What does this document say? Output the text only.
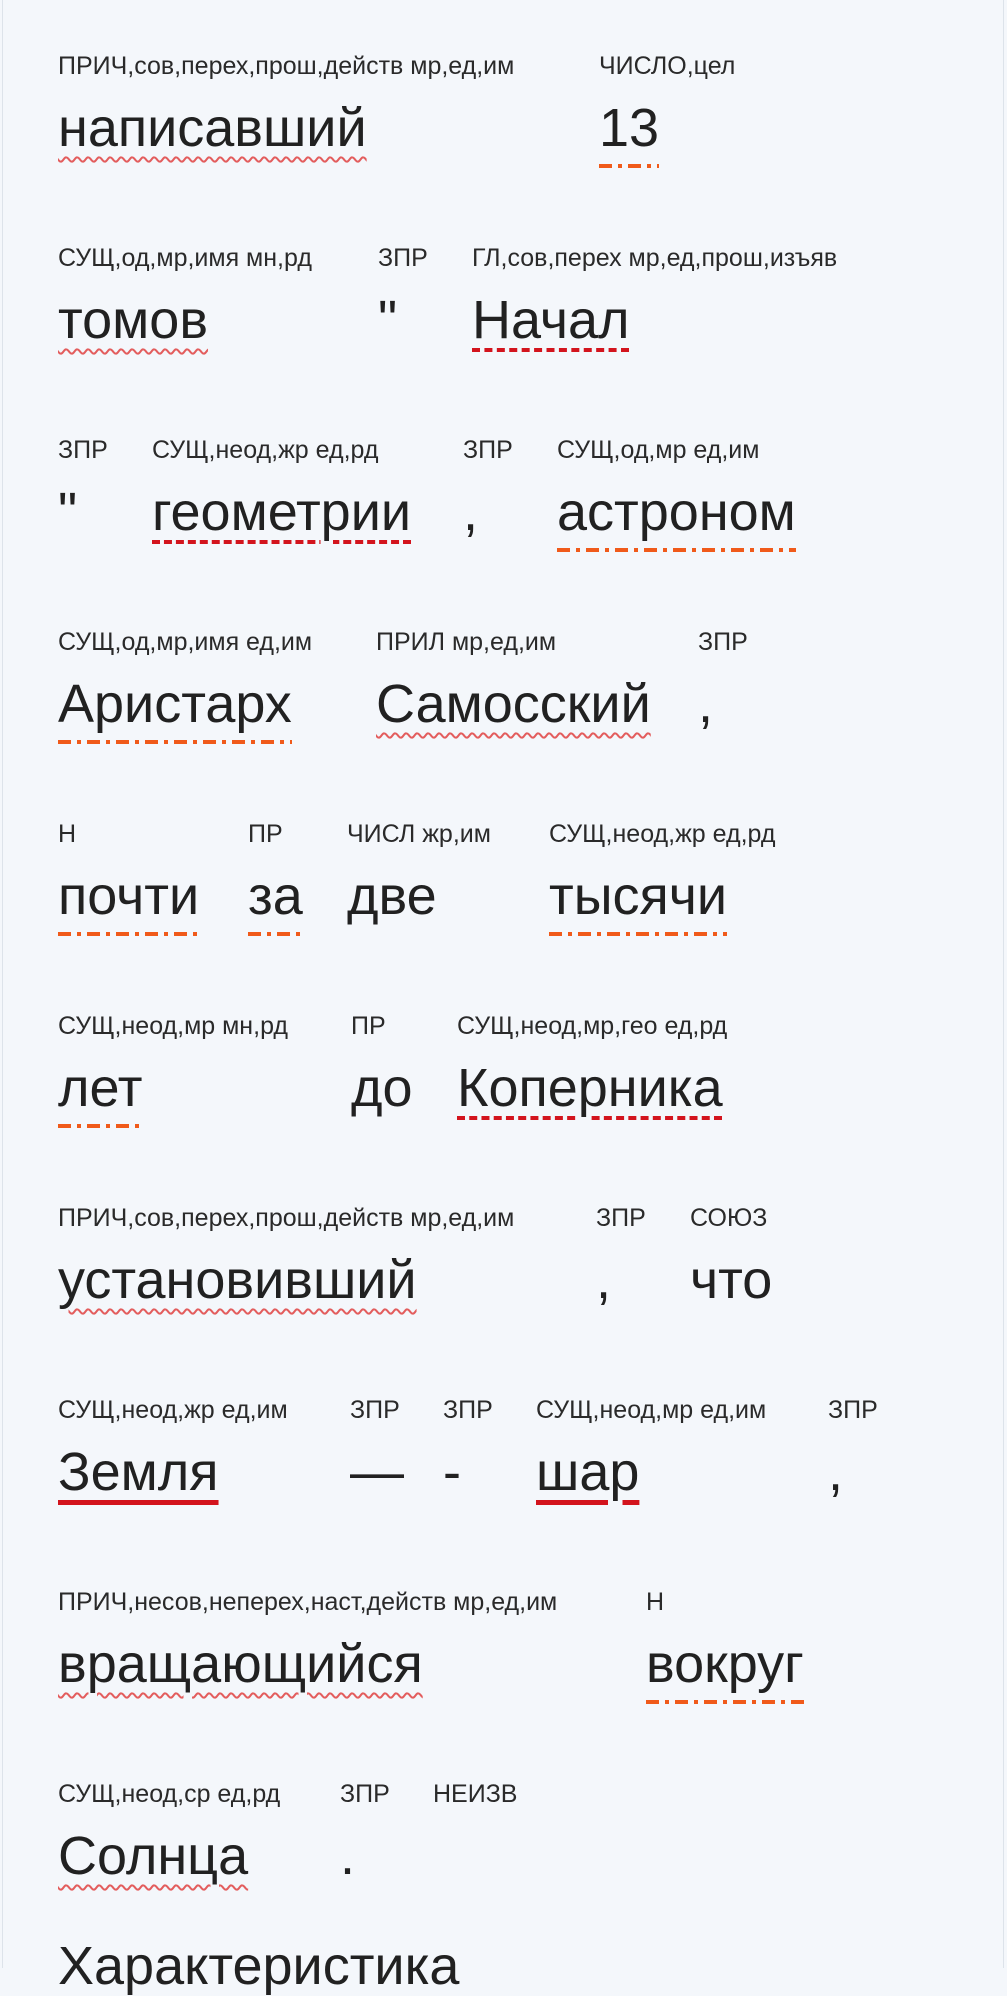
ПРИЧ,сов,перех,прош,действ мр,ед,им
написавший
ЧИСЛО,цел
13
СУЩ,од,мр,имя мн,рд
томов
ЗПР
"
ГЛ,сов,перех мр,ед,прош,изъяв
Начал
ЗПР
"
СУЩ,неод,жр ед,рд
геометрии
ЗПР
,
СУЩ,од,мр ед,им
астроном
СУЩ,од,мр,имя ед,им
Аристарх
ПРИЛ мр,ед,им
Самосский
ЗПР
,
Н
почти
ПР
за
ЧИСЛ жр,им
две
СУЩ,неод,жр ед,рд
тысячи
СУЩ,неод,мр мн,рд
лет
ПР
до
СУЩ,неод,мр,гео ед,рд
Коперника
ПРИЧ,сов,перех,прош,действ мр,ед,им
установивший
ЗПР
,
СОЮЗ
что
СУЩ,неод,жр ед,им
Земля
ЗПР
—
ЗПР
-
СУЩ,неод,мр ед,им
шар
ЗПР
,
ПРИЧ,несов,неперех,наст,действ мр,ед,им
вращающийся
Н
вокруг
СУЩ,неод,ср ед,рд
Солнца
ЗПР
.
НЕИЗВ
Характеристика
